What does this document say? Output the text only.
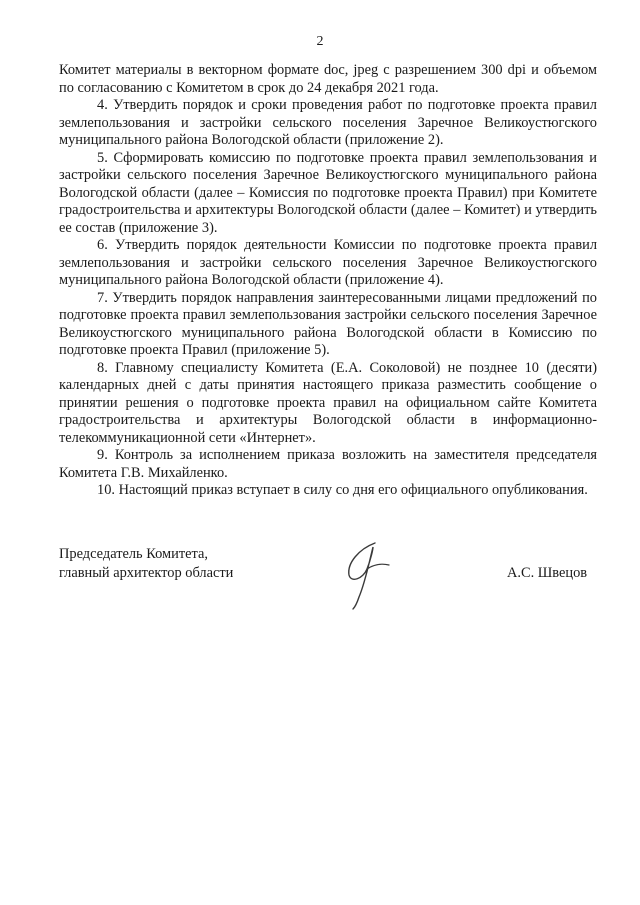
2

Комитет материалы в векторном формате doc, jpeg с разрешением 300 dpi и объемом по согласованию с Комитетом в срок до 24 декабря 2021 года.

4. Утвердить порядок и сроки проведения работ по подготовке проекта правил землепользования и застройки сельского поселения Заречное Великоустюгского муниципального района Вологодской области (приложение 2).

5. Сформировать комиссию по подготовке проекта правил землепользования и застройки сельского поселения Заречное Великоустюгского муниципального района Вологодской области (далее – Комиссия по подготовке проекта Правил) при Комитете градостроительства и архитектуры Вологодской области (далее – Комитет) и утвердить ее состав (приложение 3).

6. Утвердить порядок деятельности Комиссии по подготовке проекта правил землепользования и застройки сельского поселения Заречное Великоустюгского муниципального района Вологодской области (приложение 4).

7. Утвердить порядок направления заинтересованными лицами предложений по подготовке проекта правил землепользования застройки сельского поселения Заречное Великоустюгского муниципального района Вологодской области в Комиссию по подготовке проекта Правил (приложение 5).

8. Главному специалисту Комитета (Е.А. Соколовой) не позднее 10 (десяти) календарных дней с даты принятия настоящего приказа разместить сообщение о принятии решения о подготовке проекта правил на официальном сайте Комитета градостроительства и архитектуры Вологодской области в информационно-телекоммуникационной сети «Интернет».

9. Контроль за исполнением приказа возложить на заместителя председателя Комитета Г.В. Михайленко.

10. Настоящий приказ вступает в силу со дня его официального опубликования.

Председатель Комитета,
главный архитектор области	А.С. Швецов
